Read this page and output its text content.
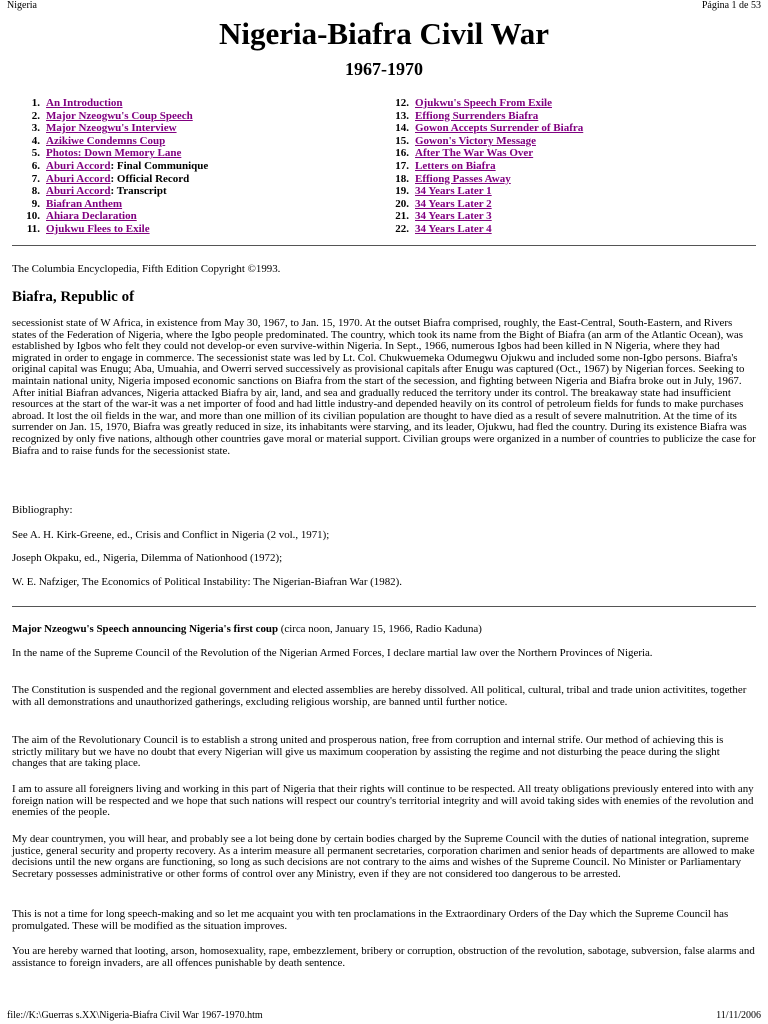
Nigeria	Página 1 de 53
Nigeria-Biafra Civil War
1967-1970
1. An Introduction
2. Major Nzeogwu's Coup Speech
3. Major Nzeogwu's Interview
4. Azikiwe Condemns Coup
5. Photos: Down Memory Lane
6. Aburi Accord : Final Communique
7. Aburi Accord : Official Record
8. Aburi Accord : Transcript
9. Biafran Anthem
10. Ahiara Declaration
11. Ojukwu Flees to Exile
12. Ojukwu's Speech From Exile
13. Effiong Surrenders Biafra
14. Gowon Accepts Surrender of Biafra
15. Gowon's Victory Message
16. After The War Was Over
17. Letters on Biafra
18. Effiong Passes Away
19. 34 Years Later 1
20. 34 Years Later 2
21. 34 Years Later 3
22. 34 Years Later 4

The Columbia Encyclopedia, Fifth Edition Copyright ©1993.

Biafra, Republic of

secessionist state of W Africa, in existence from May 30, 1967, to Jan. 15, 1970. At the outset Biafra comprised, roughly, the East-Central, South-Eastern, and Rivers states of the Federation of Nigeria, where the Igbo people predominated. The country, which took its name from the Bight of Biafra (an arm of the Atlantic Ocean), was established by Igbos who felt they could not develop-or even survive-within Nigeria. In Sept., 1966, numerous Igbos had been killed in N Nigeria, where they had migrated in order to engage in commerce. The secessionist state was led by Lt. Col. Chukwuemeka Odumegwu Ojukwu and included some non-Igbo persons. Biafra's original capital was Enugu; Aba, Umuahia, and Owerri served successively as provisional capitals after Enugu was captured (Oct., 1967) by Nigerian forces. Seeking to maintain national unity, Nigeria imposed economic sanctions on Biafra from the start of the secession, and fighting between Nigeria and Biafra broke out in July, 1967. After initial Biafran advances, Nigeria attacked Biafra by air, land, and sea and gradually reduced the territory under its control. The breakaway state had insufficient resources at the start of the war-it was a net importer of food and had little industry-and depended heavily on its control of petroleum fields for funds to make purchases abroad. It lost the oil fields in the war, and more than one million of its civilian population are thought to have died as a result of severe malnutrition. At the time of its surrender on Jan. 15, 1970, Biafra was greatly reduced in size, its inhabitants were starving, and its leader, Ojukwu, had fled the country. During its existence Biafra was recognized by only five nations, although other countries gave moral or material support. Civilian groups were organized in a number of countries to publicize the case for Biafra and to raise funds for the secessionist state.

Bibliography:

See A. H. Kirk-Greene, ed., Crisis and Conflict in Nigeria (2 vol., 1971);

Joseph Okpaku, ed., Nigeria, Dilemma of Nationhood (1972);

W. E. Nafziger, The Economics of Political Instability: The Nigerian-Biafran War (1982).

Major Nzeogwu's Speech announcing Nigeria's first coup (circa noon, January 15, 1966, Radio Kaduna)

In the name of the Supreme Council of the Revolution of the Nigerian Armed Forces, I declare martial law over the Northern Provinces of Nigeria.

The Constitution is suspended and the regional government and elected assemblies are hereby dissolved. All political, cultural, tribal and trade union activitites, together with all demonstrations and unauthorized gatherings, excluding religious worship, are banned until further notice.

The aim of the Revolutionary Council is to establish a strong united and prosperous nation, free from corruption and internal strife. Our method of achieving this is strictly military but we have no doubt that every Nigerian will give us maximum cooperation by assisting the regime and not disturbing the peace during the slight changes that are taking place.

I am to assure all foreigners living and working in this part of Nigeria that their rights will continue to be respected. All treaty obligations previously entered into with any foreign nation will be respected and we hope that such nations will respect our country's territorial integrity and will avoid taking sides with enemies of the revolution and enemies of the people.

My dear countrymen, you will hear, and probably see a lot being done by certain bodies charged by the Supreme Council with the duties of national integration, supreme justice, general security and property recovery. As a interim measure all permanent secretaries, corporation charimen and senior heads of departments are allowed to make decisions until the new organs are functioning, so long as such decisions are not contrary to the aims and wishes of the Supreme Council. No Minister or Parliamentary Secretary possesses administrative or other forms of control over any Ministry, even if they are not considered too dangerous to be arrested.

This is not a time for long speech-making and so let me acquaint you with ten proclamations in the Extraordinary Orders of the Day which the Supreme Council has promulgated. These will be modified as the situation improves.

You are hereby warned that looting, arson, homosexuality, rape, embezzlement, bribery or corruption, obstruction of the revolution, sabotage, subversion, false alarms and assistance to foreign invaders, are all offences punishable by death sentence.

file://K:\Guerras s.XX\Nigeria-Biafra Civil War 1967-1970.htm	11/11/2006
